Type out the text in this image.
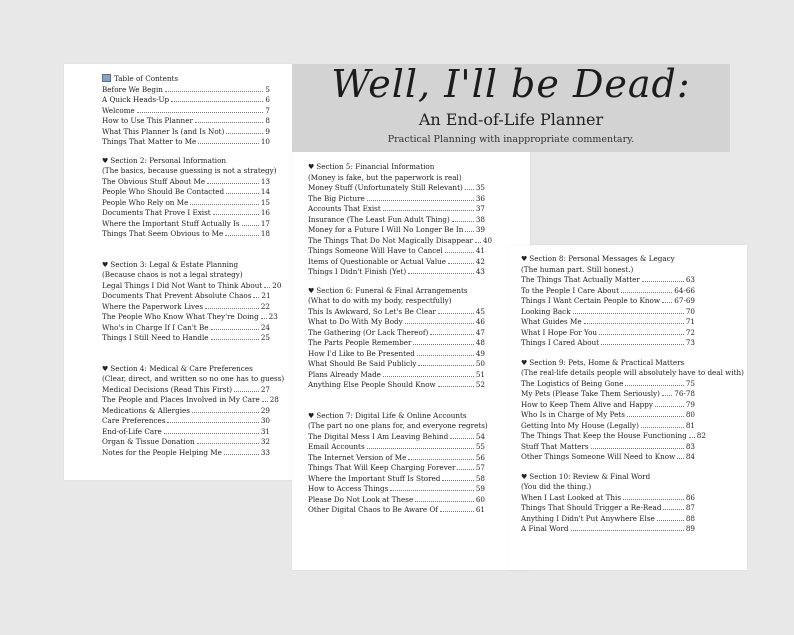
Well, I'll be Dead:
An End-of-Life Planner
Practical Planning with inappropriate commentary.
Table of Contents
Before We Begin	5
A Quick Heads-Up	6
Welcome	7
How to Use This Planner	8
What This Planner Is (and Is Not)	9
Things That Matter to Me	10
♥ Section 2: Personal Information
(The basics, because guessing is not a strategy)
The Obvious Stuff About Me	13
People Who Should Be Contacted	14
People Who Rely on Me	15
Documents That Prove I Exist	16
Where the Important Stuff Actually Is	17
Things That Seem Obvious to Me	18
♥ Section 3: Legal & Estate Planning
(Because chaos is not a legal strategy)
Legal Things I Did Not Want to Think About 20
Documents That Prevent Absolute Chaos 21
Where the Paperwork Lives	22
The People Who Know What They're Doing 23
Who's in Charge If I Can't Be	24
Things I Still Need to Handle	25
♥ Section 4: Medical & Care Preferences
(Clear, direct, and written so no one has to guess)
Medical Decisions (Read This First)	27
The People and Places Involved in My Care 28
Medications & Allergies	29
Care Preferences	30
End-of-Life Care	31
Organ & Tissue Donation	32
Notes for the People Helping Me	33
♥ Section 5: Financial Information
(Money is fake, but the paperwork is real)
Money Stuff (Unfortunately Still Relevant) 35
The Big Picture	36
Accounts That Exist	37
Insurance (The Least Fun Adult Thing)	38
Money for a Future I Will No Longer Be In 39
The Things That Do Not Magically Disappear 40
Things Someone Will Have to Cancel	41
Items of Questionable or Actual Value	42
Things I Didn't Finish (Yet)	43
♥ Section 6: Funeral & Final Arrangements
(What to do with my body, respectfully)
This Is Awkward, So Let's Be Clear	45
What to Do With My Body	46
The Gathering (Or Lack Thereof)	47
The Parts People Remember	48
How I'd Like to Be Presented	49
What Should Be Said Publicly	50
Plans Already Made	51
Anything Else People Should Know	52
♥ Section 7: Digital Life & Online Accounts
(The part no one plans for, and everyone regrets)
The Digital Mess I Am Leaving Behind	54
Email Accounts	55
The Internet Version of Me	56
Things That Will Keep Charging Forever	57
Where the Important Stuff Is Stored	58
How to Access Things	59
Please Do Not Look at These	60
Other Digital Chaos to Be Aware Of	61
♥ Section 8: Personal Messages & Legacy
(The human part. Still honest.)
The Things That Actually Matter	63
To the People I Care About	64-66
Things I Want Certain People to Know 67-69
Looking Back	70
What Guides Me	71
What I Hope For You	72
Things I Cared About	73
♥ Section 9: Pets, Home & Practical Matters
(The real-life details people will absolutely have to deal with)
The Logistics of Being Gone	75
My Pets (Please Take Them Seriously) 76-78
How to Keep Them Alive and Happy	79
Who Is in Charge of My Pets	80
Getting Into My House (Legally)	81
The Things That Keep the House Functioning 82
Stuff That Matters	83
Other Things Someone Will Need to Know 84
♥ Section 10: Review & Final Word
(You did the thing.)
When I Last Looked at This	86
Things That Should Trigger a Re-Read	87
Anything I Didn't Put Anywhere Else	88
A Final Word	89
